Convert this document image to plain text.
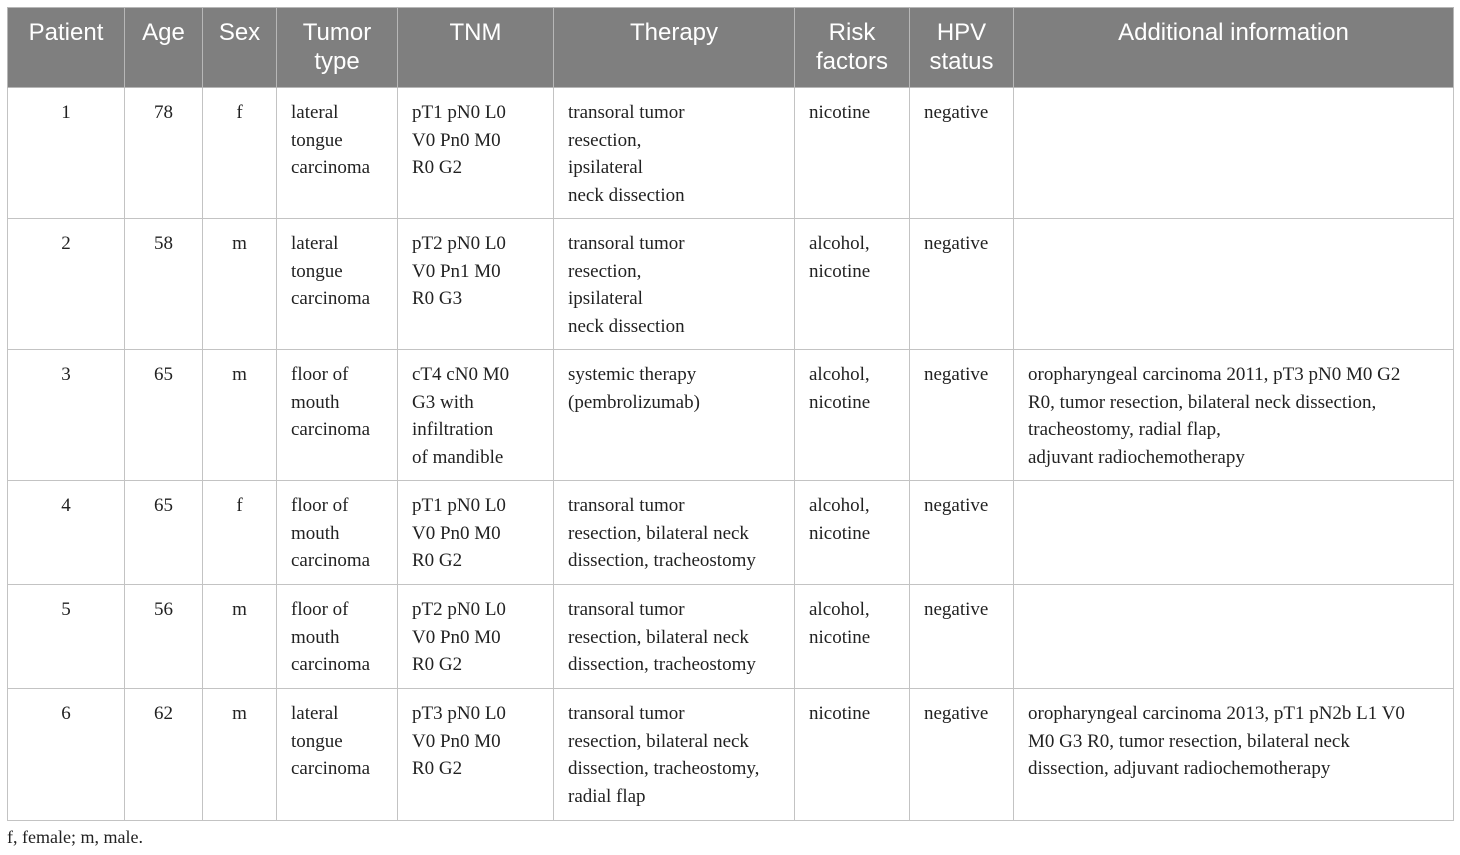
Patient	Age	Sex	Tumor
type	TNM	Therapy	Risk
factors	HPV
status	Additional information
1	78	f	lateral
tongue
carcinoma	pT1 pN0 L0
V0 Pn0 M0
R0 G2	transoral tumor
resection,
ipsilateral
neck dissection	nicotine	negative	
2	58	m	lateral
tongue
carcinoma	pT2 pN0 L0
V0 Pn1 M0
R0 G3	transoral tumor
resection,
ipsilateral
neck dissection	alcohol,
nicotine	negative	
3	65	m	floor of
mouth
carcinoma	cT4 cN0 M0
G3 with
infiltration
of mandible	systemic therapy
(pembrolizumab)	alcohol,
nicotine	negative	oropharyngeal carcinoma 2011, pT3 pN0 M0 G2
R0, tumor resection, bilateral neck dissection,
tracheostomy, radial flap,
adjuvant radiochemotherapy
4	65	f	floor of
mouth
carcinoma	pT1 pN0 L0
V0 Pn0 M0
R0 G2	transoral tumor
resection, bilateral neck
dissection, tracheostomy	alcohol,
nicotine	negative	
5	56	m	floor of
mouth
carcinoma	pT2 pN0 L0
V0 Pn0 M0
R0 G2	transoral tumor
resection, bilateral neck
dissection, tracheostomy	alcohol,
nicotine	negative	
6	62	m	lateral
tongue
carcinoma	pT3 pN0 L0
V0 Pn0 M0
R0 G2	transoral tumor
resection, bilateral neck
dissection, tracheostomy,
radial flap	nicotine	negative	oropharyngeal carcinoma 2013, pT1 pN2b L1 V0
M0 G3 R0, tumor resection, bilateral neck
dissection, adjuvant radiochemotherapy
f, female; m, male.
